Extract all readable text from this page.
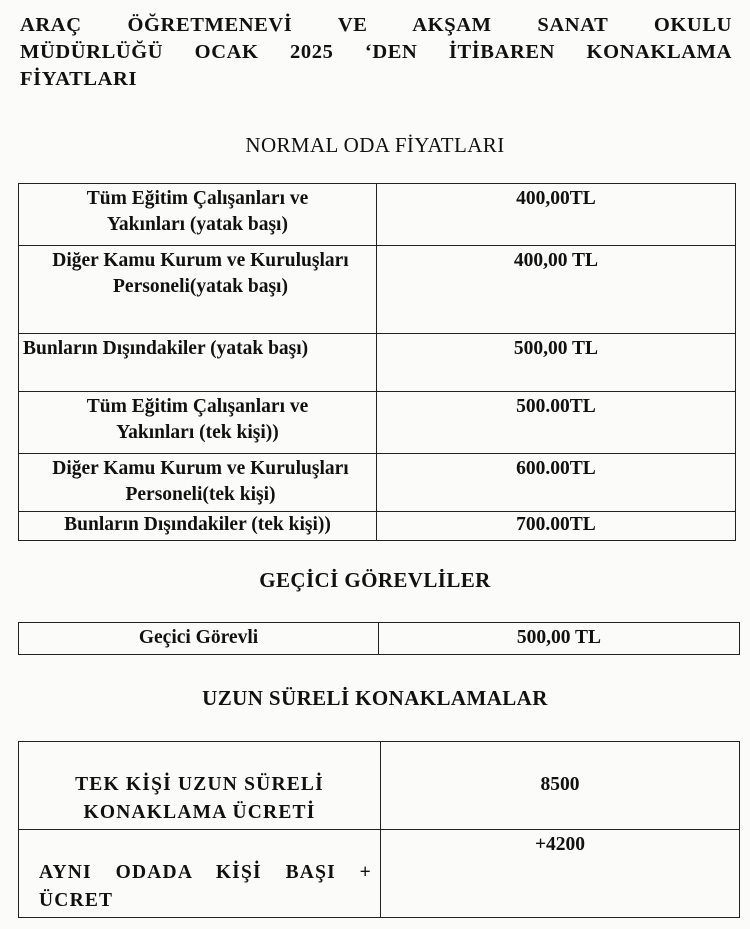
ARAÇ ÖĞRETMENEVİ VE AKŞAM SANAT OKULU
MÜDÜRLÜĞÜ OCAK 2025 ‘DEN İTİBAREN KONAKLAMA
FİYATLARI
NORMAL ODA FİYATLARI
Tüm Eğitim Çalışanları ve Yakınları (yatak başı)	400,00TL
Diğer Kamu Kurum ve Kuruluşları Personeli(yatak başı)	400,00 TL
Bunların Dışındakiler (yatak başı)	500,00 TL
Tüm Eğitim Çalışanları ve Yakınları (tek kişi))	500.00TL
Diğer Kamu Kurum ve Kuruluşları Personeli(tek kişi)	600.00TL
Bunların Dışındakiler (tek kişi))	700.00TL
GEÇİCİ GÖREVLİLER
Geçici Görevli	500,00 TL
UZUN SÜRELİ KONAKLAMALAR
TEK KİŞİ UZUN SÜRELİ KONAKLAMA ÜCRETİ	8500
AYNI ODADA KİŞİ BAŞI + ÜCRET	+4200
